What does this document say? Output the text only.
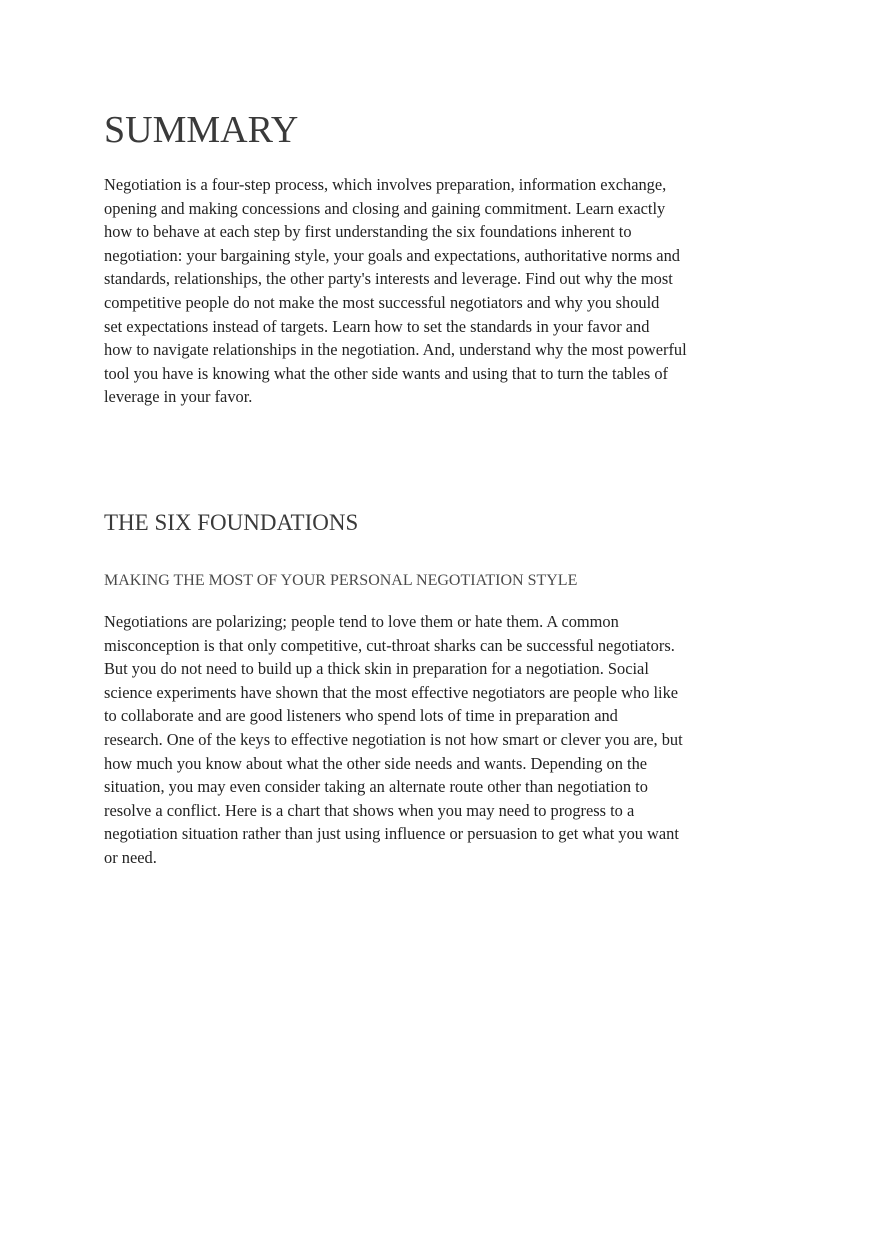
SUMMARY

Negotiation is a four-step process, which involves preparation, information exchange,
opening and making concessions and closing and gaining commitment. Learn exactly
how to behave at each step by first understanding the six foundations inherent to
negotiation: your bargaining style, your goals and expectations, authoritative norms and
standards, relationships, the other party's interests and leverage. Find out why the most
competitive people do not make the most successful negotiators and why you should
set expectations instead of targets. Learn how to set the standards in your favor and
how to navigate relationships in the negotiation. And, understand why the most powerful
tool you have is knowing what the other side wants and using that to turn the tables of
leverage in your favor.

THE SIX FOUNDATIONS
MAKING THE MOST OF YOUR PERSONAL NEGOTIATION STYLE

Negotiations are polarizing; people tend to love them or hate them. A common
misconception is that only competitive, cut-throat sharks can be successful negotiators.
But you do not need to build up a thick skin in preparation for a negotiation. Social
science experiments have shown that the most effective negotiators are people who like
to collaborate and are good listeners who spend lots of time in preparation and
research. One of the keys to effective negotiation is not how smart or clever you are, but
how much you know about what the other side needs and wants. Depending on the
situation, you may even consider taking an alternate route other than negotiation to
resolve a conflict. Here is a chart that shows when you may need to progress to a
negotiation situation rather than just using influence or persuasion to get what you want
or need.
